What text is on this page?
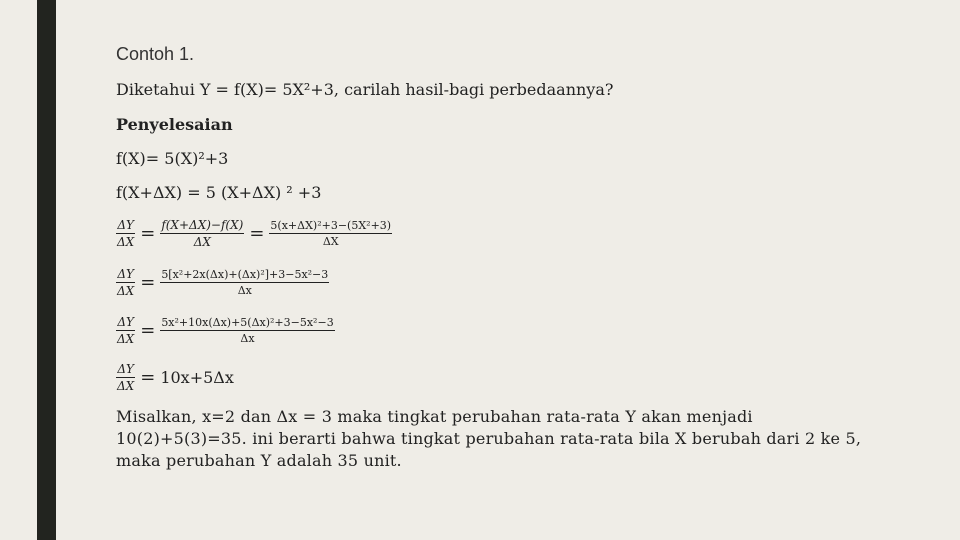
Contoh 1.
Diketahui Y = f(X)= 5X²+3, carilah hasil-bagi perbedaannya?
Penyelesaian
f(X)= 5(X)²+3
f(X+ΔX) = 5 (X+ΔX) ² +3
$\frac{\Delta Y}{\Delta X} = \frac{f(X+\Delta X)-f(X)}{\Delta X} = \frac{\text{5(x+ΔX)²+3−(5X²+3)}}{\Delta X}$
$\frac{\Delta Y}{\Delta X} = \frac{\text{5[x²+2x(Δx)+(Δx)²]+3−5x²−3}}{\Delta x}$
$\frac{\Delta Y}{\Delta X} = \frac{\text{5x²+10x(Δx)+5(Δx)²+3−5x²−3}}{\Delta x}$
$\frac{\Delta Y}{\Delta X} = 10x+5\Delta x$
Misalkan, x=2 dan Δx = 3 maka tingkat perubahan rata-rata Y akan menjadi 10(2)+5(3)=35. ini berarti bahwa tingkat perubahan rata-rata bila X berubah dari 2 ke 5, maka perubahan Y adalah 35 unit.
